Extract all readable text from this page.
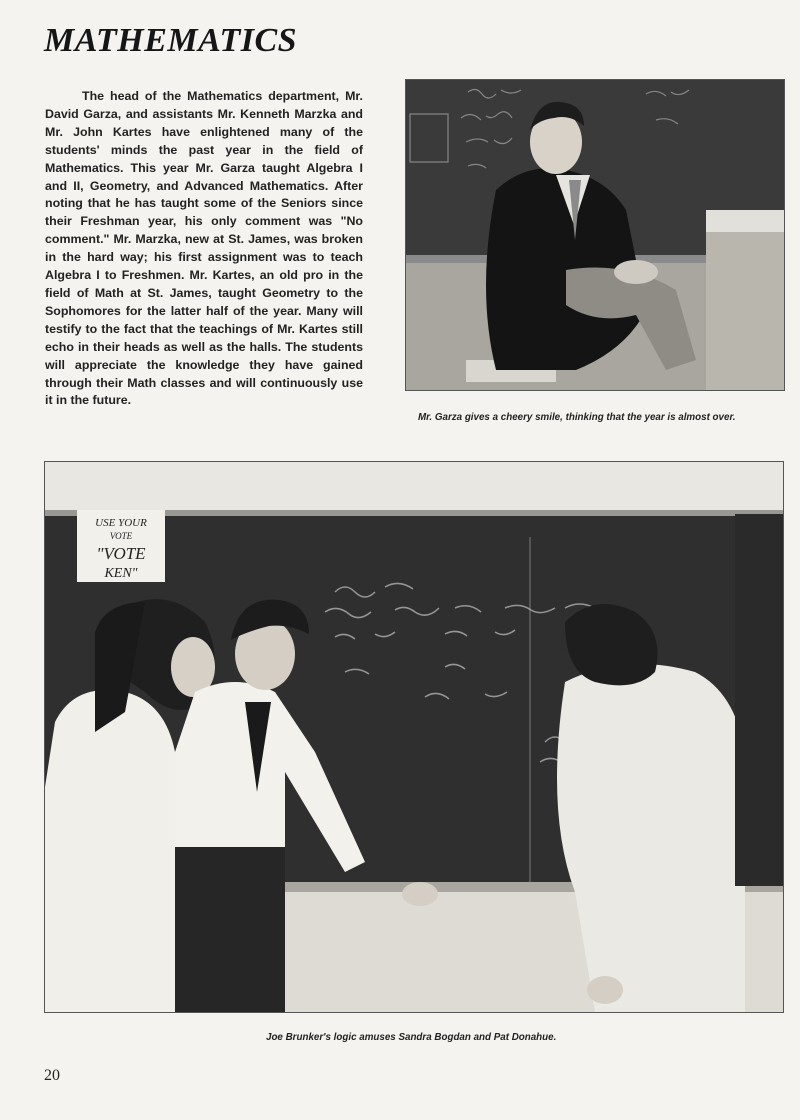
MATHEMATICS

The head of the Mathematics department, Mr. David Garza, and assistants Mr. Kenneth Marzka and Mr. John Kartes have enlightened many of the students' minds the past year in the field of Mathematics. This year Mr. Garza taught Algebra I and II, Geometry, and Advanced Mathematics. After noting that he has taught some of the Seniors since their Freshman year, his only comment was "No comment." Mr. Marzka, new at St. James, was broken in the hard way; his first assignment was to teach Algebra I to Freshmen. Mr. Kartes, an old pro in the field of Math at St. James, taught Geometry to the Sophomores for the latter half of the year. Many will testify to the fact that the teachings of Mr. Kartes still echo in their heads as well as the halls. The students will appreciate the knowledge they have gained through their Math classes and will continuously use it in the future.

Mr. Garza gives a cheery smile, thinking that the year is almost over.

USE YOUR
VOTE
"VOTE
KEN"

Joe Brunker's logic amuses Sandra Bogdan and Pat Donahue.

20
